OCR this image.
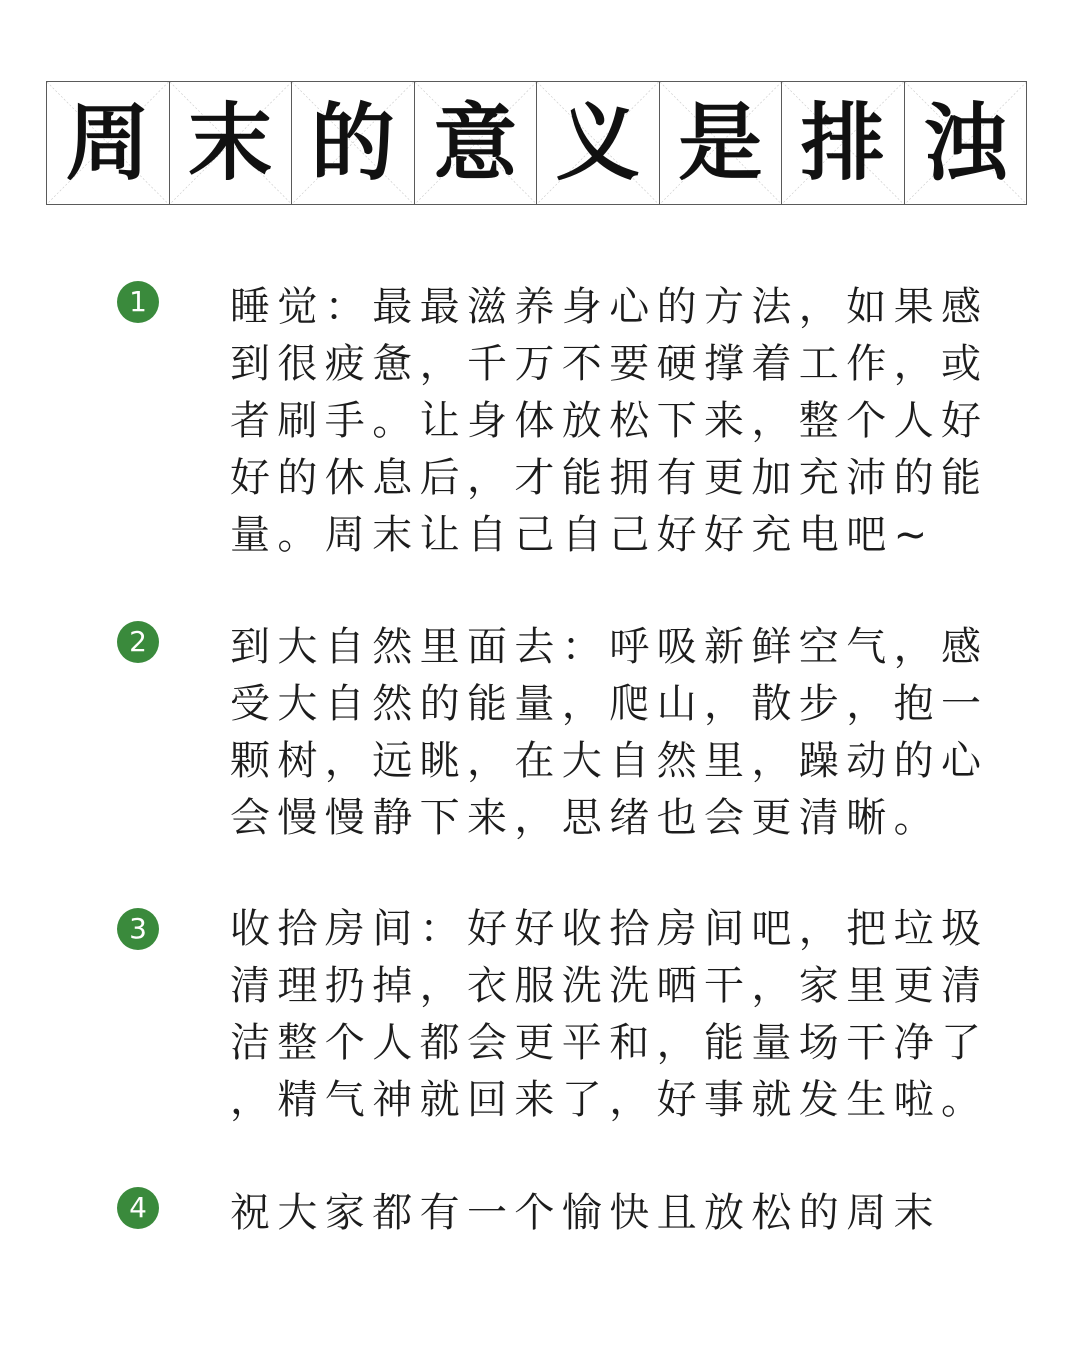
周 末 的 意 义 是 排 浊
1	睡觉：最最滋养身心的方法，如果感
到很疲惫，千万不要硬撑着工作，或
者刷手。让身体放松下来，整个人好
好的休息后，才能拥有更加充沛的能
量。周末让自己自己好好充电吧~

2	到大自然里面去：呼吸新鲜空气，感
受大自然的能量，爬山，散步，抱一
颗树，远眺，在大自然里，躁动的心
会慢慢静下来，思绪也会更清晰。

3	收拾房间：好好收拾房间吧，把垃圾
清理扔掉，衣服洗洗晒干，家里更清
洁整个人都会更平和，能量场干净了
，精气神就回来了，好事就发生啦。

4	祝大家都有一个愉快且放松的周末
